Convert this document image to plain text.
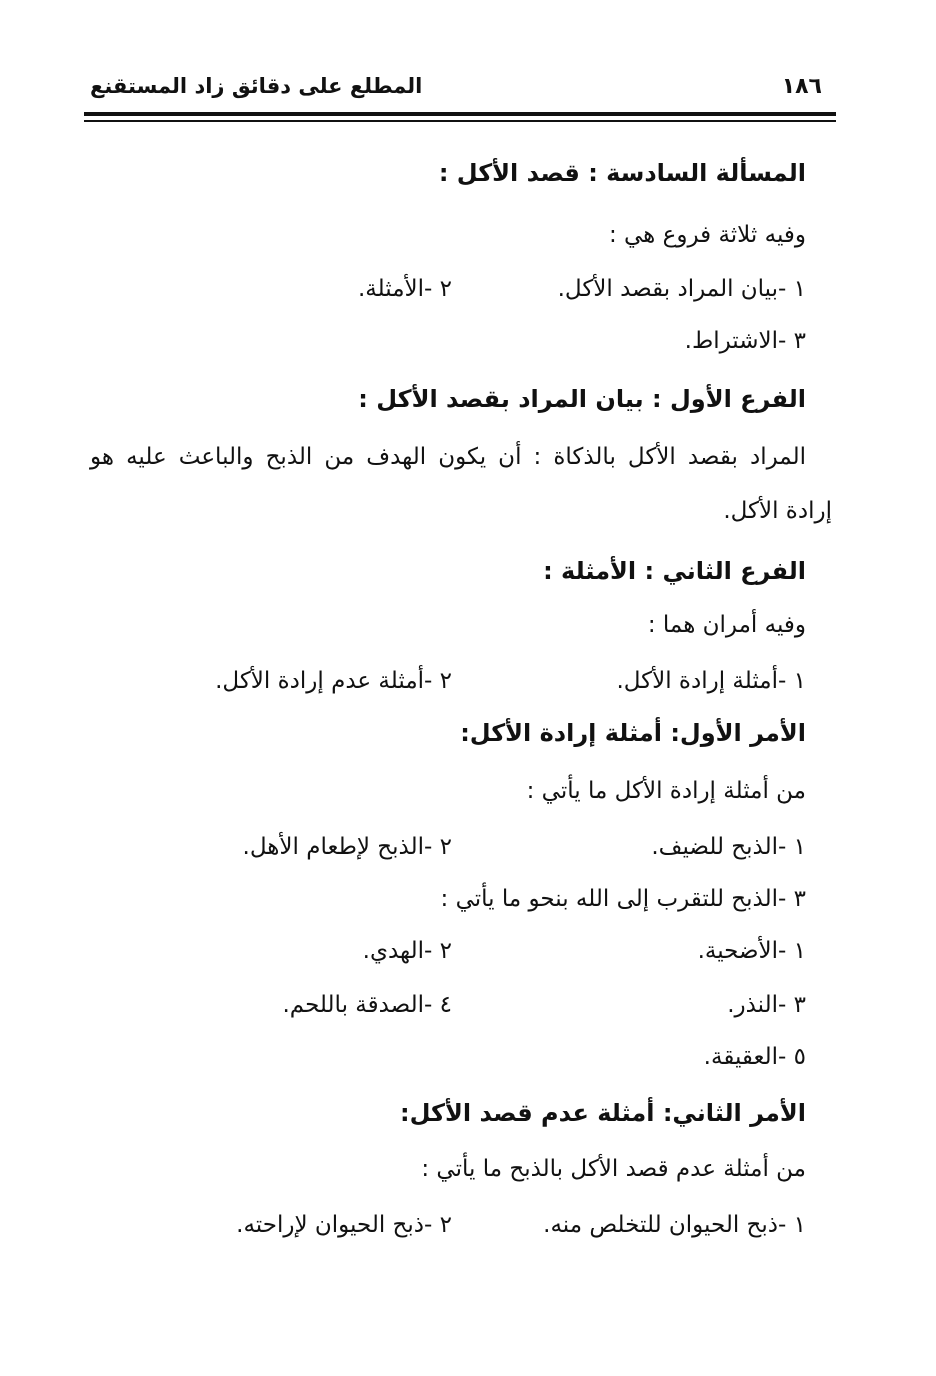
١٨٦
المطلع على دقائق زاد المستقنع
المسألة السادسة : قصد الأكل :
وفيه ثلاثة فروع هي :
١ -بيان المراد بقصد الأكل.
٢ -الأمثلة.
٣ -الاشتراط.
الفرع الأول : بيان المراد بقصد الأكل :
المراد بقصد الأكل بالذكاة : أن يكون الهدف من الذبح والباعث عليه هو
إرادة الأكل.
الفرع الثاني : الأمثلة :
وفيه أمران هما :
١ -أمثلة إرادة الأكل.
٢ -أمثلة عدم إرادة الأكل.
الأمر الأول: أمثلة إرادة الأكل:
من أمثلة إرادة الأكل ما يأتي :
١ -الذبح للضيف.
٢ -الذبح لإطعام الأهل.
٣ -الذبح للتقرب إلى الله بنحو ما يأتي :
١ -الأضحية.
٢ -الهدي.
٣ -النذر.
٤ -الصدقة باللحم.
٥ -العقيقة.
الأمر الثاني: أمثلة عدم قصد الأكل:
من أمثلة عدم قصد الأكل بالذبح ما يأتي :
١ -ذبح الحيوان للتخلص منه.
٢ -ذبح الحيوان لإراحته.
